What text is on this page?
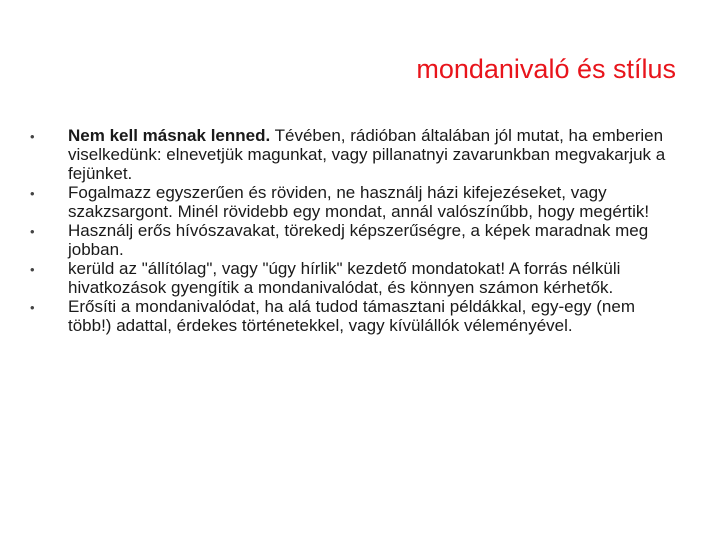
mondanivaló és stílus
•	Nem kell másnak lenned. Tévében, rádióban általában jól mutat, ha emberien viselkedünk: elnevetjük magunkat, vagy pillanatnyi zavarunkban megvakarjuk a fejünket.
•	Fogalmazz egyszerűen és röviden, ne használj házi kifejezéseket, vagy szakzsargont. Minél rövidebb egy mondat, annál valószínűbb, hogy megértik!
•	Használj erős hívószavakat, törekedj képszerűségre, a képek maradnak meg jobban.
•	kerüld az "állítólag", vagy "úgy hírlik" kezdető mondatokat! A forrás nélküli hivatkozások gyengítik a mondanivalódat, és könnyen számon kérhetők.
•	Erősíti a mondanivalódat, ha alá tudod támasztani példákkal, egy-egy (nem több!) adattal, érdekes történetekkel, vagy kívülállók véleményével.
